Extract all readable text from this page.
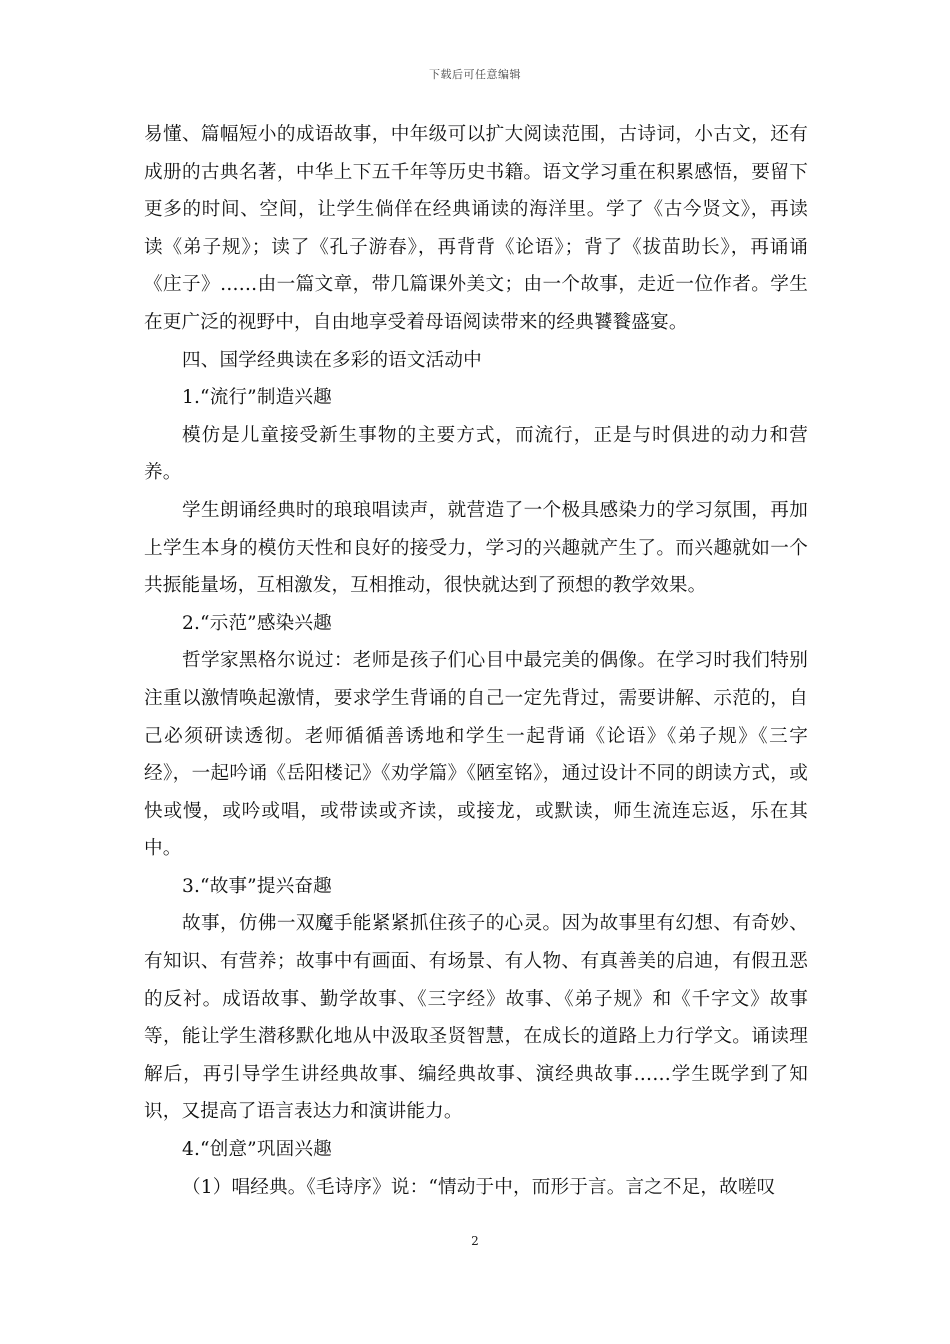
下载后可任意编辑

易懂、篇幅短小的成语故事，中年级可以扩大阅读范围，古诗词，小古文，还有成册的古典名著，中华上下五千年等历史书籍。语文学习重在积累感悟，要留下更多的时间、空间，让学生倘佯在经典诵读的海洋里。学了《古今贤文》，再读读《弟子规》；读了《孔子游春》，再背背《论语》；背了《拔苗助长》，再诵诵《庄子》……由一篇文章，带几篇课外美文；由一个故事，走近一位作者。学生在更广泛的视野中，自由地享受着母语阅读带来的经典饕餮盛宴。

四、国学经典读在多彩的语文活动中

1.“流行”制造兴趣

模仿是儿童接受新生事物的主要方式，而流行，正是与时俱进的动力和营养。

学生朗诵经典时的琅琅唱读声，就营造了一个极具感染力的学习氛围，再加上学生本身的模仿天性和良好的接受力，学习的兴趣就产生了。而兴趣就如一个共振能量场，互相激发，互相推动，很快就达到了预想的教学效果。

2.“示范”感染兴趣

哲学家黑格尔说过：老师是孩子们心目中最完美的偶像。在学习时我们特别注重以激情唤起激情，要求学生背诵的自己一定先背过，需要讲解、示范的，自己必须研读透彻。老师循循善诱地和学生一起背诵《论语》《弟子规》《三字经》，一起吟诵《岳阳楼记》《劝学篇》《陋室铭》，通过设计不同的朗读方式，或快或慢，或吟或唱，或带读或齐读，或接龙，或默读，师生流连忘返，乐在其中。

3.“故事”提兴奋趣

故事，仿佛一双魔手能紧紧抓住孩子的心灵。因为故事里有幻想、有奇妙、有知识、有营养；故事中有画面、有场景、有人物、有真善美的启迪，有假丑恶的反衬。成语故事、勤学故事、《三字经》故事、《弟子规》和《千字文》故事等，能让学生潜移默化地从中汲取圣贤智慧，在成长的道路上力行学文。诵读理解后，再引导学生讲经典故事、编经典故事、演经典故事……学生既学到了知识，又提高了语言表达力和演讲能力。

4.“创意”巩固兴趣

（1）唱经典。《毛诗序》说：“情动于中，而形于言。言之不足，故嗟叹

2
